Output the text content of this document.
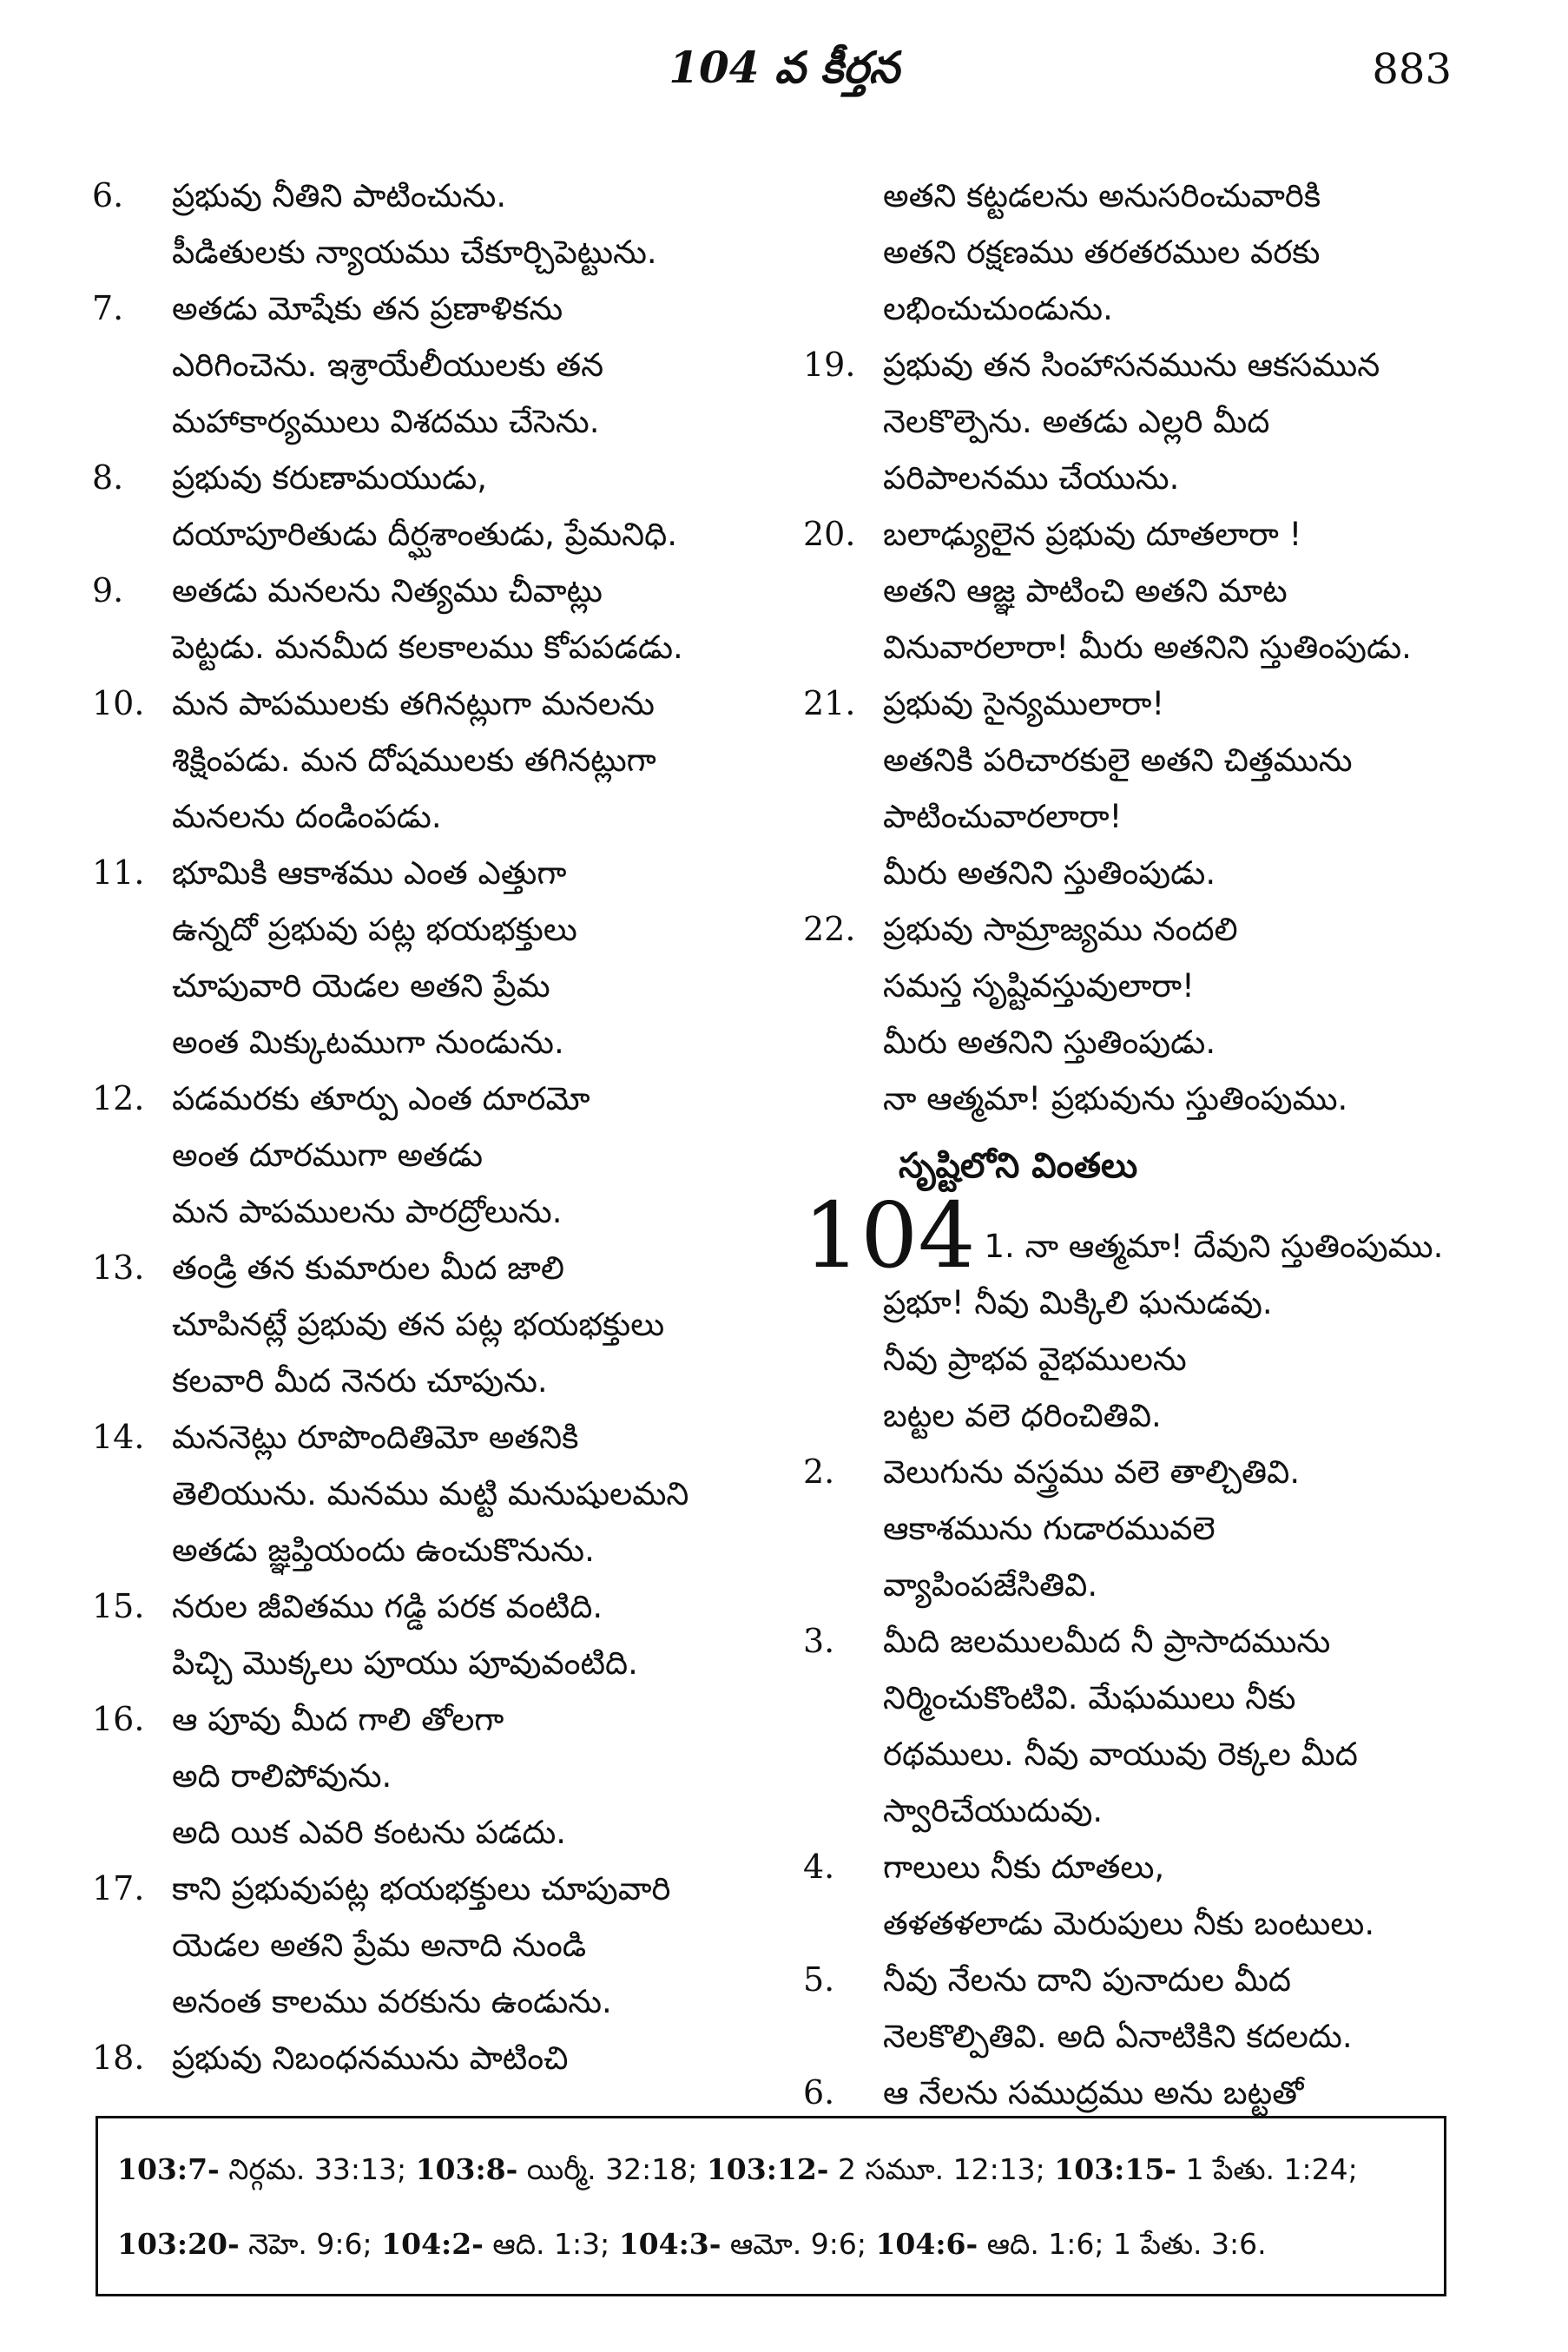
104 వ కీర్తన	883
6.	ప్రభువు నీతిని పాటించును.
పీడితులకు న్యాయము చేకూర్చిపెట్టును.
7.	అతడు మోషేకు తన ప్రణాళికను
ఎరిగించెను. ఇశ్రాయేలీయులకు తన
మహాకార్యములు విశదము చేసెను.
8.	ప్రభువు కరుణామయుడు,
దయాపూరితుడు దీర్ఘశాంతుడు, ప్రేమనిధి.
9.	అతడు మనలను నిత్యము చీవాట్లు
పెట్టడు. మనమీద కలకాలము కోపపడడు.
10. మన పాపములకు తగినట్లుగా మనలను
శిక్షింపడు. మన దోషములకు తగినట్లుగా
మనలను దండింపడు.
11. భూమికి ఆకాశము ఎంత ఎత్తుగా
ఉన్నదో ప్రభువు పట్ల భయభక్తులు
చూపువారి యెడల అతని ప్రేమ
అంత మిక్కుటముగా నుండును.
12. పడమరకు తూర్పు ఎంత దూరమో
అంత దూరముగా అతడు
మన పాపములను పారద్రోలును.
13. తండ్రి తన కుమారుల మీద జాలి
చూపినట్లే ప్రభువు తన పట్ల భయభక్తులు
కలవారి మీద నెనరు చూపును.
14. మననెట్లు రూపొందితిమో అతనికి
తెలియును. మనము మట్టి మనుషులమని
అతడు జ్ఞప్తియందు ఉంచుకొనును.
15. నరుల జీవితము గడ్డి పరక వంటిది.
పిచ్చి మొక్కలు పూయు పూవువంటిది.
16. ఆ పూవు మీద గాలి తోలగా
అది రాలిపోవును.
అది యిక ఎవరి కంటను పడదు.
17. కాని ప్రభువుపట్ల భయభక్తులు చూపువారి
యెడల అతని ప్రేమ అనాది నుండి
అనంత కాలము వరకును ఉండును.
18. ప్రభువు నిబంధనమును పాటించి
అతని కట్టడలను అనుసరించువారికి
అతని రక్షణము తరతరముల వరకు
లభించుచుండును.
19. ప్రభువు తన సింహాసనమును ఆకసమున
నెలకొల్పెను. అతడు ఎల్లరి మీద
పరిపాలనము చేయును.
20. బలాఢ్యులైన ప్రభువు దూతలారా !
అతని ఆజ్ఞ పాటించి అతని మాట
వినువారలారా! మీరు అతనిని స్తుతింపుడు.
21. ప్రభువు సైన్యములారా!
అతనికి పరిచారకులై అతని చిత్తమును
పాటించువారలారా!
మీరు అతనిని స్తుతింపుడు.
22. ప్రభువు సామ్రాజ్యము నందలి
సమస్త సృష్టివస్తువులారా!
మీరు అతనిని స్తుతింపుడు.
నా ఆత్మమా! ప్రభువును స్తుతింపుము.
సృష్టిలోని వింతలు
104 1. నా ఆత్మమా! దేవుని స్తుతింపుము.
ప్రభూ! నీవు మిక్కిలి ఘనుడవు.
నీవు ప్రాభవ వైభములను
బట్టల వలె ధరించితివి.
2.	వెలుగును వస్త్రము వలె తాల్చితివి.
ఆకాశమును గుడారమువలె
వ్యాపింపజేసితివి.
3.	మీది జలములమీద నీ ప్రాసాదమును
నిర్మించుకొంటివి. మేఘములు నీకు
రథములు. నీవు వాయువు రెక్కల మీద
స్వారిచేయుదువు.
4.	గాలులు నీకు దూతలు,
తళతళలాడు మెరుపులు నీకు బంటులు.
5.	నీవు నేలను దాని పునాదుల మీద
నెలకొల్పితివి. అది ఏనాటికిని కదలదు.
6.	ఆ నేలను సముద్రము అను బట్టతో
103:7- నిర్గమ. 33:13; 103:8- యిర్మీ. 32:18; 103:12- 2 సమూ. 12:13; 103:15- 1 పేతు. 1:24;
103:20- నెహె. 9:6; 104:2- ఆది. 1:3; 104:3- ఆమో. 9:6; 104:6- ఆది. 1:6; 1 పేతు. 3:6.
